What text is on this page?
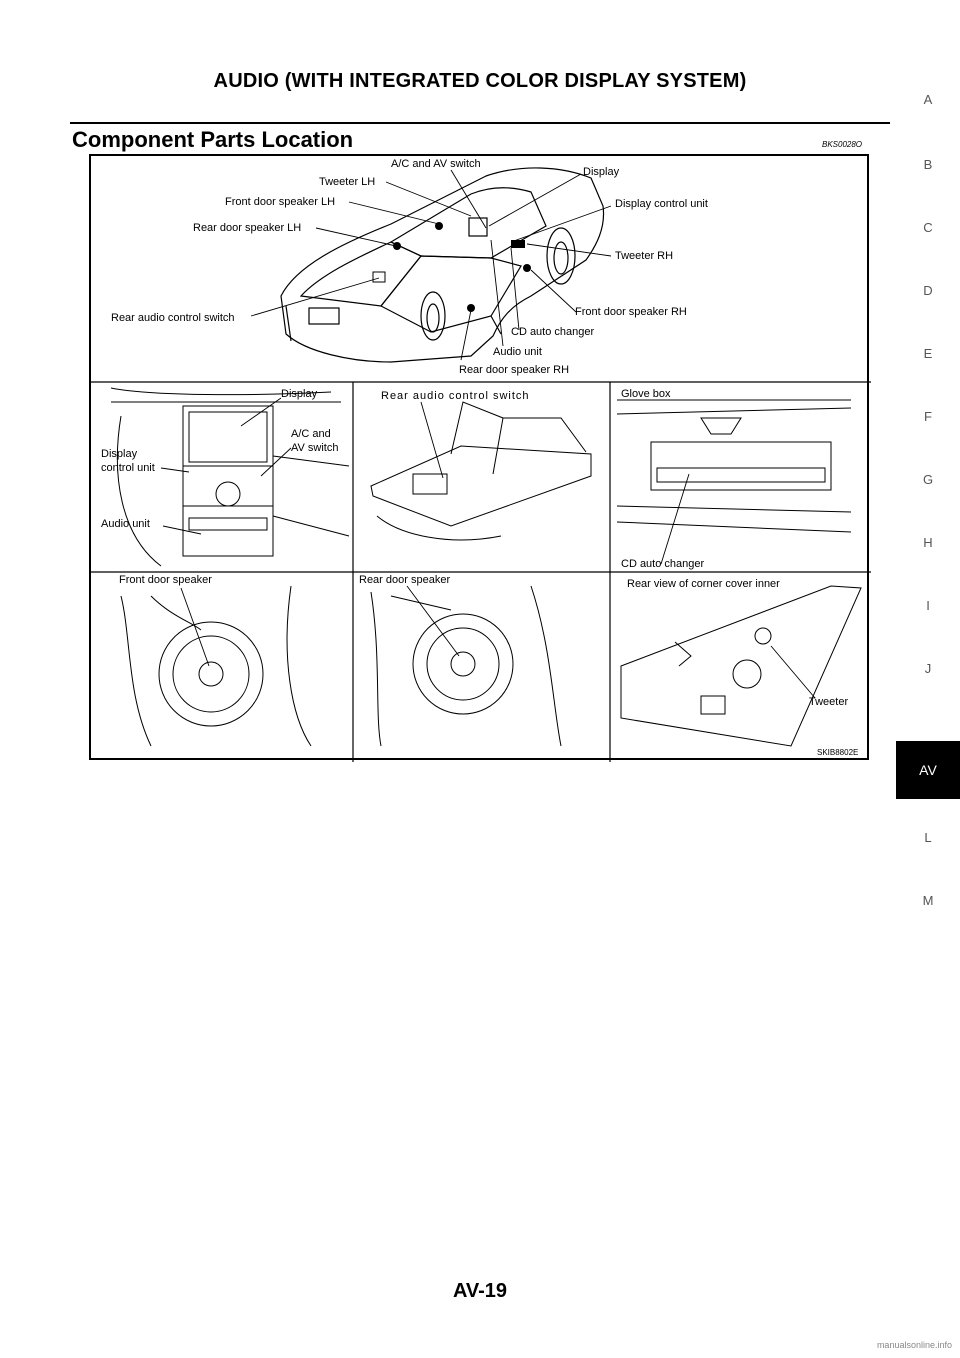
AUDIO (WITH INTEGRATED COLOR DISPLAY SYSTEM)
Component Parts Location	BKS0028O
A/C and AV switch
Tweeter LH
Display
Front door speaker LH	Display control unit
Rear door speaker LH
Tweeter RH
Rear audio control switch	Front door speaker RH
CD auto changer
Audio unit
Rear door speaker RH
Display
A/C and
AV switch
Display
control unit
Audio unit
Rear audio control switch	Glove box
CD auto changer
Front door speaker	Rear door speaker	Rear view of corner cover inner
Tweeter
SKIB8802E
A
B
C
D
E
F
G
H
I
J
AV
L
M
AV-19
manualsonline.info
